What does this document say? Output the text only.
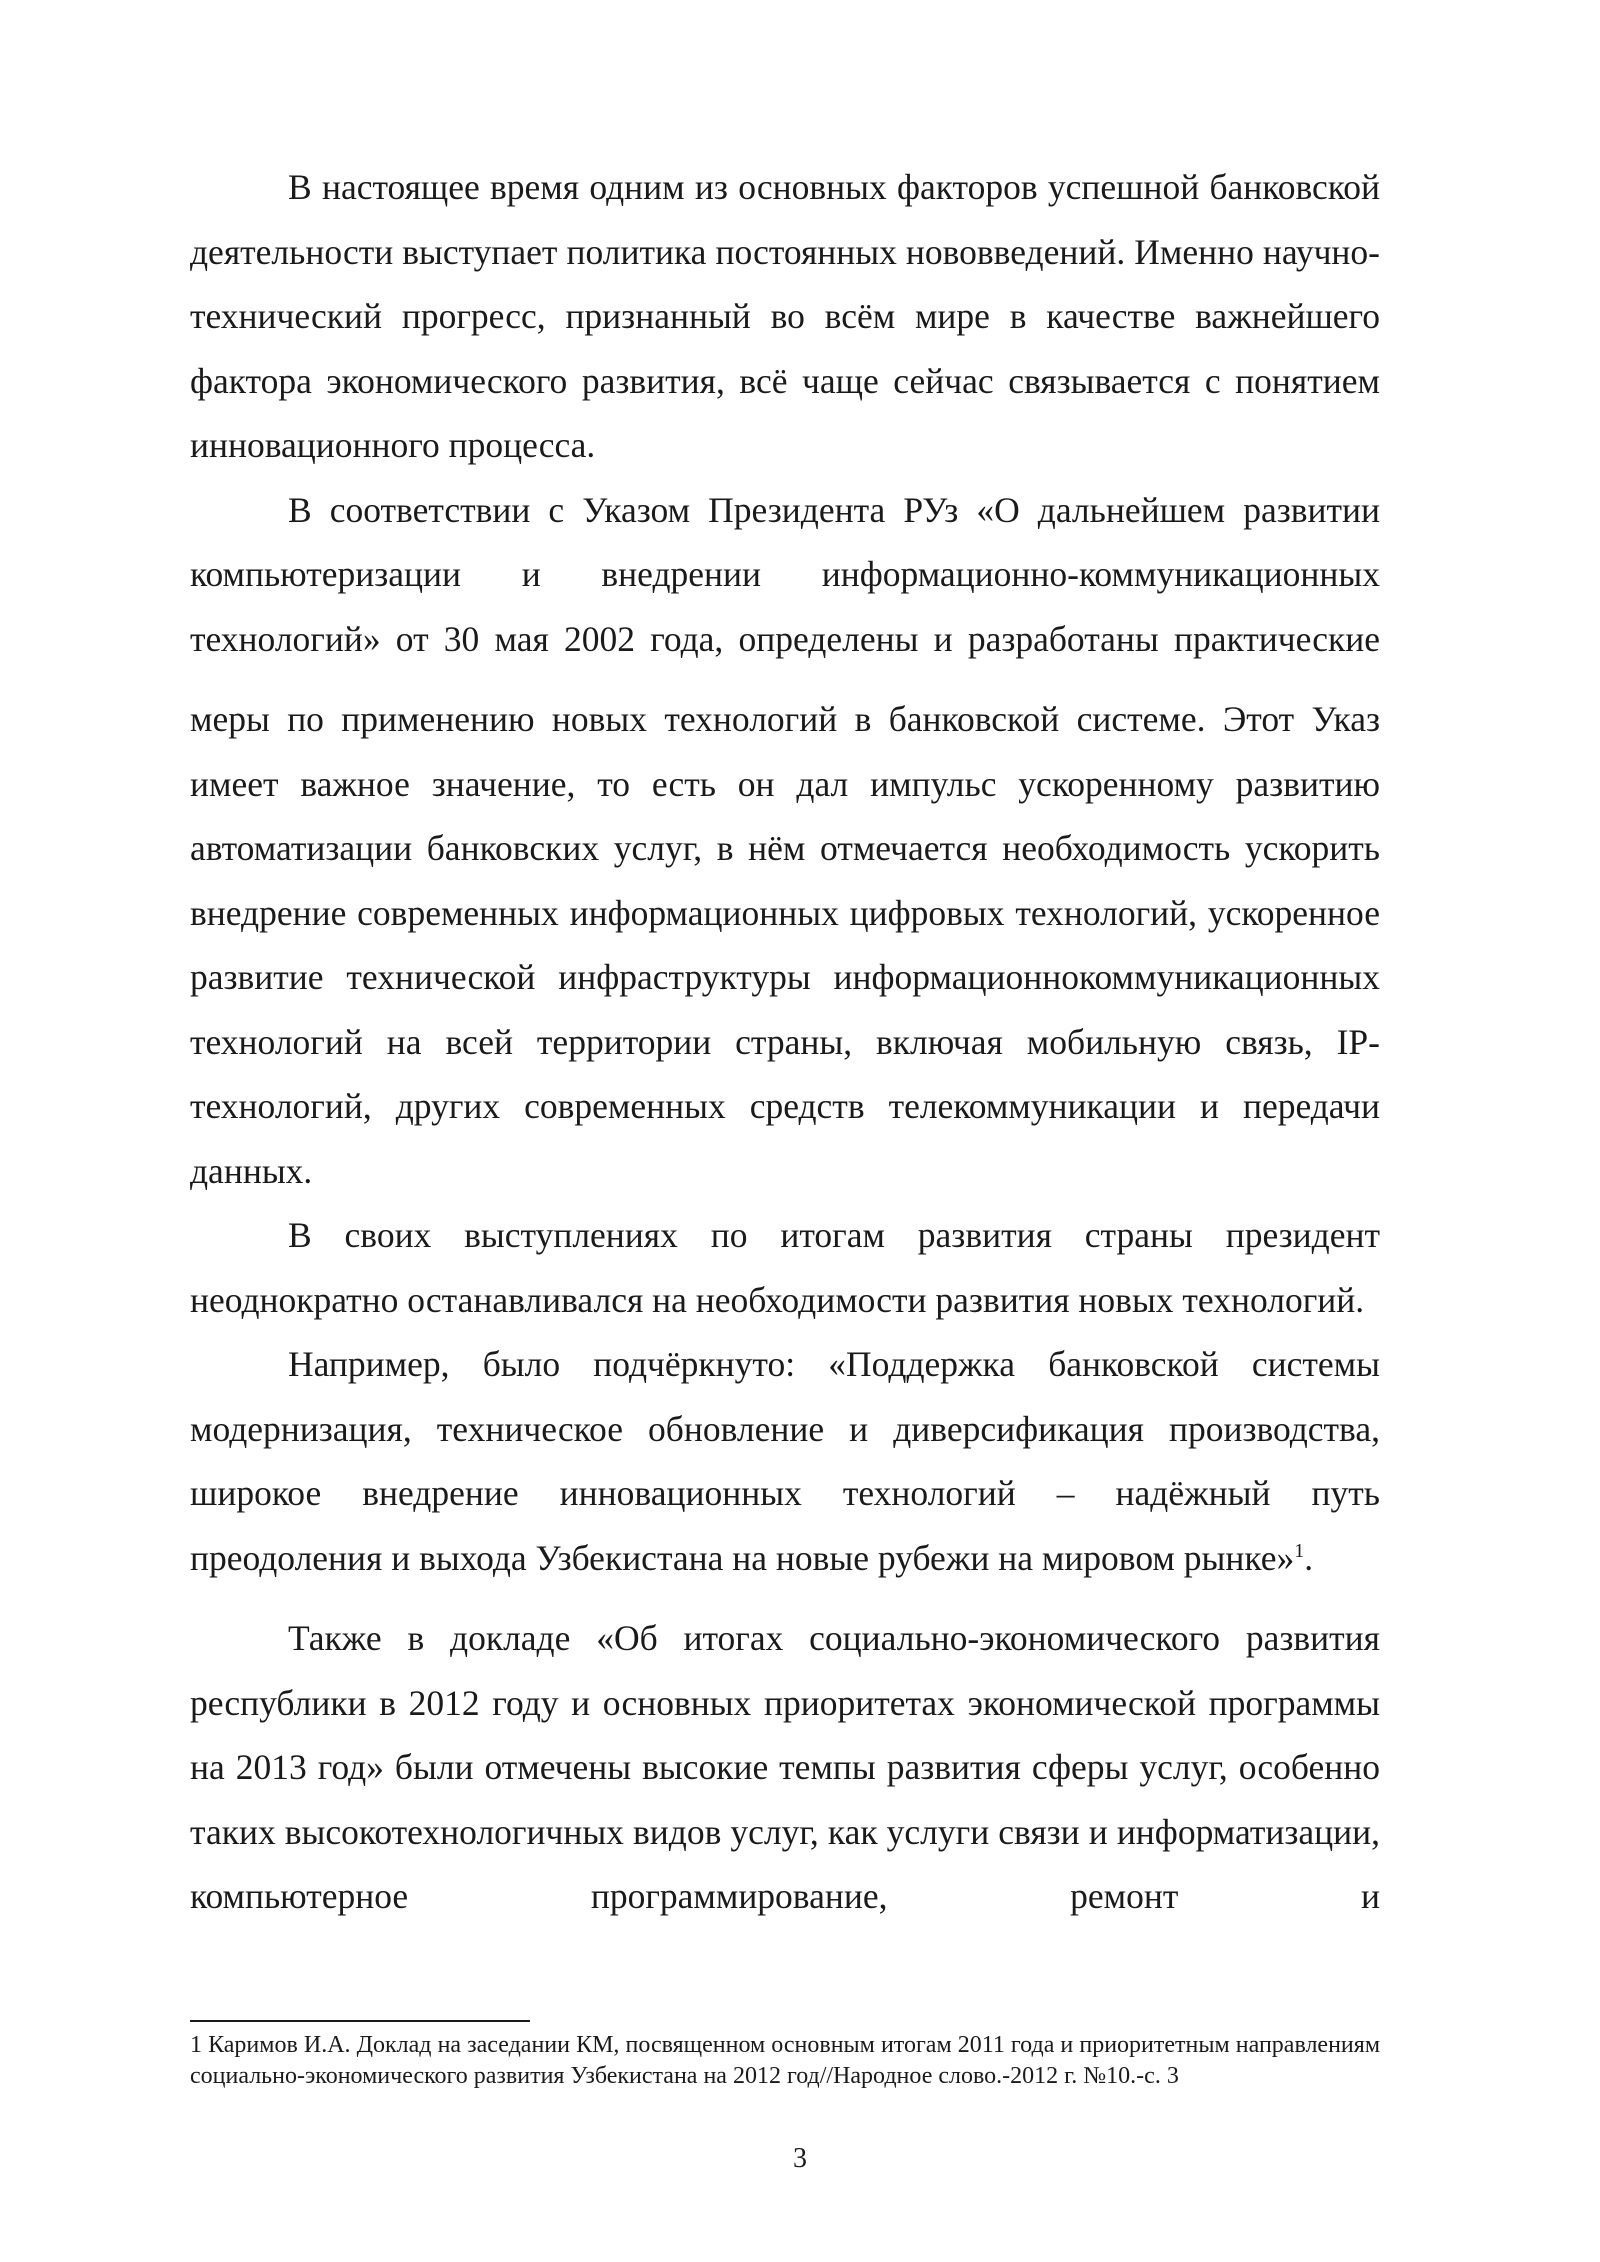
В настоящее время одним из основных факторов успешной банковской деятельности выступает политика постоянных нововведений. Именно научно-технический прогресс, признанный во всём мире в качестве важнейшего фактора экономического развития, всё чаще сейчас связывается с понятием инновационного процесса.

В соответствии с Указом Президента РУз «О дальнейшем развитии компьютеризации и внедрении информационно-коммуникационных технологий» от 30 мая 2002 года, определены и разработаны практические

меры по применению новых технологий в банковской системе. Этот Указ имеет важное значение, то есть он дал импульс ускоренному развитию автоматизации банковских услуг, в нём отмечается необходимость ускорить внедрение современных информационных цифровых технологий, ускоренное развитие технической инфраструктуры информационнокоммуникационных технологий на всей территории страны, включая мобильную связь, IP-технологий, других современных средств телекоммуникации и передачи данных.

В своих выступлениях по итогам развития страны президент неоднократно останавливался на необходимости развития новых технологий.

Например, было подчёркнуто: «Поддержка банковской системы модернизация, техническое обновление и диверсификация производства, широкое внедрение инновационных технологий – надёжный путь преодоления и выхода Узбекистана на новые рубежи на мировом рынке»$^1$.

Также в докладе «Об итогах социально-экономического развития республики в 2012 году и основных приоритетах экономической программы на 2013 год» были отмечены высокие темпы развития сферы услуг, особенно таких высокотехнологичных видов услуг, как услуги связи и информатизации, компьютерное программирование, ремонт и

1 Каримов И.А. Доклад на заседании КМ, посвященном основным итогам 2011 года и приоритетным направлениям социально-экономического развития Узбекистана на 2012 год//Народное слово.-2012 г. №10.-с. 3
3
